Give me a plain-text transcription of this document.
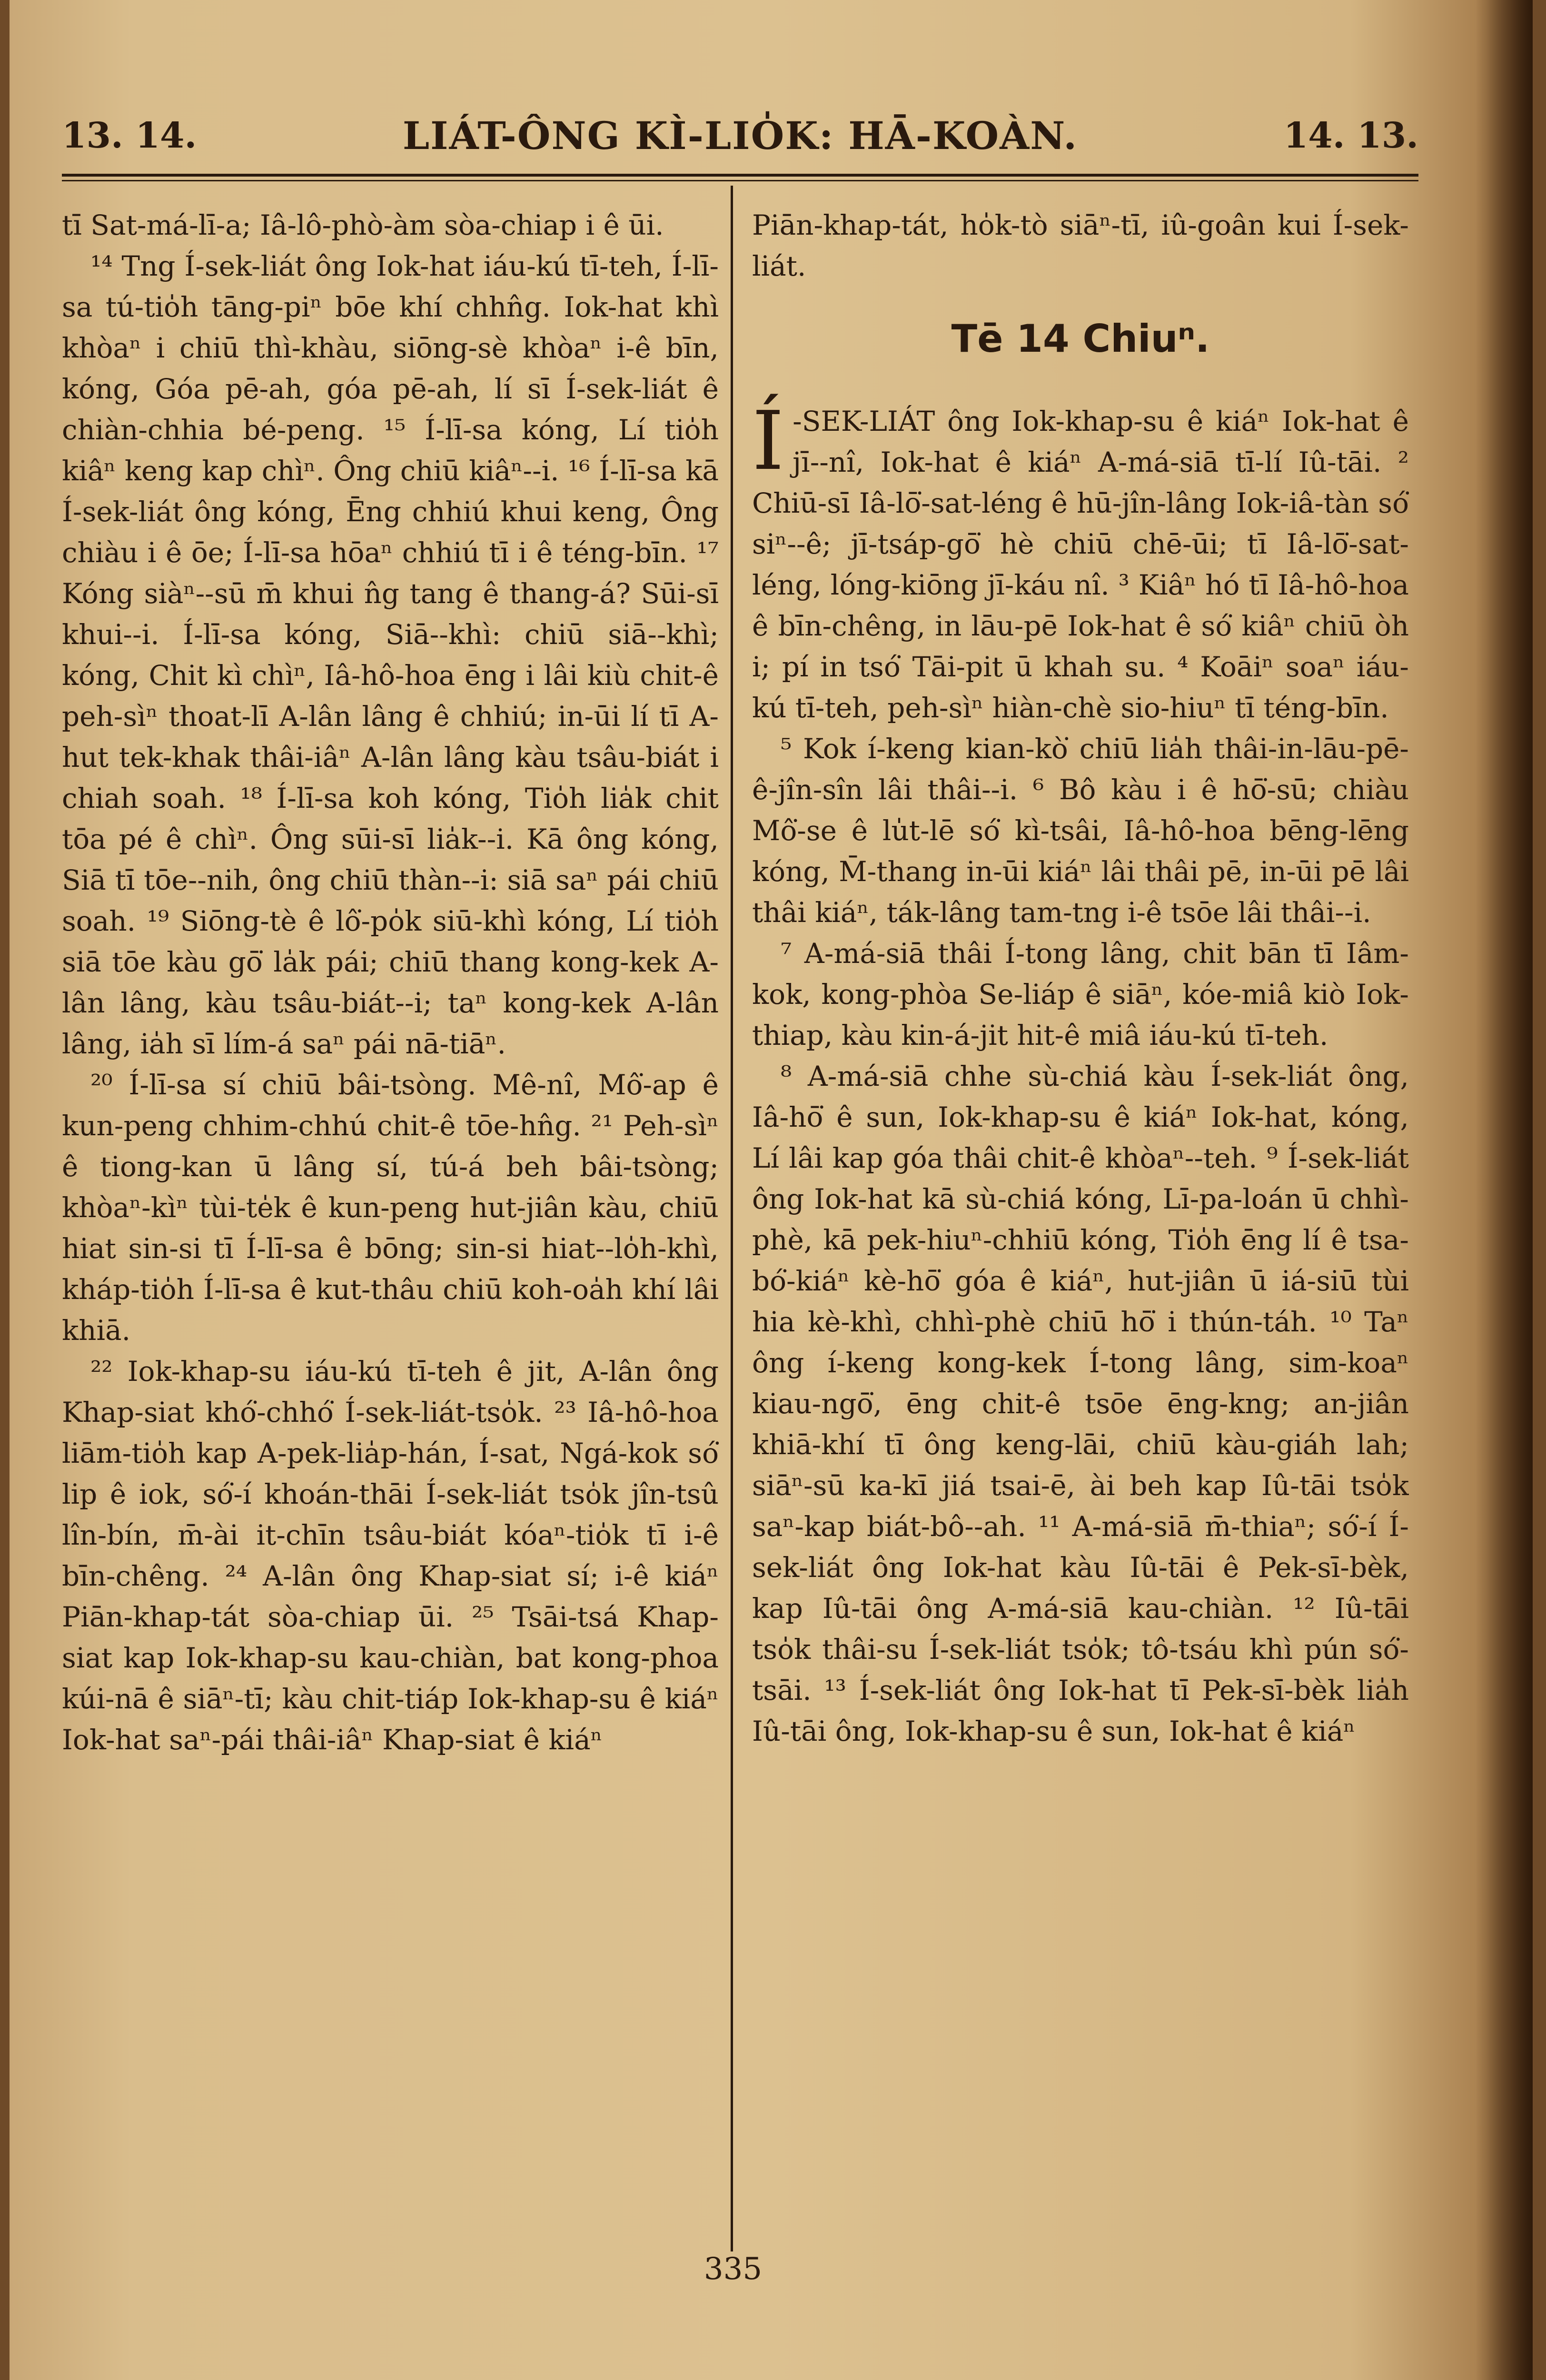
13. 14.	LIÁT-ÔNG KÌ-LIO̍K: HĀ-KOÀN.	14. 13.

tī Sat-má-lī-a; Iâ-lô-phò-àm sòa-chiap i ê ūi.

¹⁴ Tng Í-sek-liát ông Iok-hat iáu-kú tī-teh, Í-lī-sa tú-tio̍h tāng-piⁿ bōe khí chhn̂g. Iok-hat khì khòaⁿ i chiū thì-khàu, siōng-sè khòaⁿ i-ê bīn, kóng, Góa pē-ah, góa pē-ah, lí sī Í-sek-liát ê chiàn-chhia bé-peng. ¹⁵ Í-lī-sa kóng, Lí tio̍h kiâⁿ keng kap chìⁿ. Ông chiū kiâⁿ--i. ¹⁶ Í-lī-sa kā Í-sek-liát ông kóng, Ēng chhiú khui keng, Ông chiàu i ê ōe; Í-lī-sa hōaⁿ chhiú tī i ê téng-bīn. ¹⁷ Kóng siàⁿ--sū m̄ khui n̂g tang ê thang-á? Sūi-sī khui--i. Í-lī-sa kóng, Siā--khì: chiū siā--khì; kóng, Chit kì chìⁿ, Iâ-hô-hoa ēng i lâi kiù chit-ê peh-sìⁿ thoat-lī A-lân lâng ê chhiú; in-ūi lí tī A-hut tek-khak thâi-iâⁿ A-lân lâng kàu tsâu-biát i chiah soah. ¹⁸ Í-lī-sa koh kóng, Tio̍h lia̍k chit tōa pé ê chìⁿ. Ông sūi-sī lia̍k--i. Kā ông kóng, Siā tī tōe--nih, ông chiū thàn--i: siā saⁿ pái chiū soah. ¹⁹ Siōng-tè ê lô͘-po̍k siū-khì kóng, Lí tio̍h siā tōe kàu gō͘ la̍k pái; chiū thang kong-kek A-lân lâng, kàu tsâu-biát--i; taⁿ kong-kek A-lân lâng, ia̍h sī lím-á saⁿ pái nā-tiāⁿ.

²⁰ Í-lī-sa sí chiū bâi-tsòng. Mê-nî, Mô͘-ap ê kun-peng chhim-chhú chit-ê tōe-hn̂g. ²¹ Peh-sìⁿ ê tiong-kan ū lâng sí, tú-á beh bâi-tsòng; khòaⁿ-kìⁿ tùi-te̍k ê kun-peng hut-jiân kàu, chiū hiat sin-si tī Í-lī-sa ê bōng; sin-si hiat--lo̍h-khì, kháp-tio̍h Í-lī-sa ê kut-thâu chiū koh-oa̍h khí lâi khiā.

²² Iok-khap-su iáu-kú tī-teh ê jit, A-lân ông Khap-siat khó͘-chhó͘ Í-sek-liát-tso̍k. ²³ Iâ-hô-hoa liām-tio̍h kap A-pek-lia̍p-hán, Í-sat, Ngá-kok só͘ lip ê iok, só͘-í khoán-thāi Í-sek-liát tso̍k jîn-tsû lîn-bín, m̄-ài it-chīn tsâu-biát kóaⁿ-tio̍k tī i-ê bīn-chêng. ²⁴ A-lân ông Khap-siat sí; i-ê kiáⁿ Piān-khap-tát sòa-chiap ūi. ²⁵ Tsāi-tsá Khap-siat kap Iok-khap-su kau-chiàn, bat kong-phoa kúi-nā ê siāⁿ-tī; kàu chit-tiáp Iok-khap-su ê kiáⁿ Iok-hat saⁿ-pái thâi-iâⁿ Khap-siat ê kiáⁿ

Piān-khap-tát, ho̍k-tò siāⁿ-tī, iû-goân kui Í-sek-liát.

Tē 14 Chiuⁿ.

Í -SEK-LIÁT ông Iok-khap-su ê kiáⁿ Iok-hat ê jī--nî, Iok-hat ê kiáⁿ A-má-siā tī-lí Iû-tāi. ² Chiū-sī Iâ-lō͘-sat-léng ê hū-jîn-lâng Iok-iâ-tàn só͘ siⁿ--ê; jī-tsáp-gō͘ hè chiū chē-ūi; tī Iâ-lō͘-sat-léng, lóng-kiōng jī-káu nî. ³ Kiâⁿ hó tī Iâ-hô-hoa ê bīn-chêng, in lāu-pē Iok-hat ê só͘ kiâⁿ chiū òh i; pí in tsó͘ Tāi-pit ū khah su. ⁴ Koāiⁿ soaⁿ iáu-kú tī-teh, peh-sìⁿ hiàn-chè sio-hiuⁿ tī téng-bīn.

⁵ Kok í-keng kian-kò͘ chiū lia̍h thâi-in-lāu-pē-ê-jîn-sîn lâi thâi--i. ⁶ Bô kàu i ê hō͘-sū; chiàu Mô͘-se ê lu̍t-lē só͘ kì-tsâi, Iâ-hô-hoa bēng-lēng kóng, M̄-thang in-ūi kiáⁿ lâi thâi pē, in-ūi pē lâi thâi kiáⁿ, ták-lâng tam-tng i-ê tsōe lâi thâi--i.

⁷ A-má-siā thâi Í-tong lâng, chit bān tī Iâm-kok, kong-phòa Se-liáp ê siāⁿ, kóe-miâ kiò Iok-thiap, kàu kin-á-jit hit-ê miâ iáu-kú tī-teh.

⁸ A-má-siā chhe sù-chiá kàu Í-sek-liát ông, Iâ-hō͘ ê sun, Iok-khap-su ê kiáⁿ Iok-hat, kóng, Lí lâi kap góa thâi chit-ê khòaⁿ--teh. ⁹ Í-sek-liát ông Iok-hat kā sù-chiá kóng, Lī-pa-loán ū chhì-phè, kā pek-hiuⁿ-chhiū kóng, Tio̍h ēng lí ê tsa-bó͘-kiáⁿ kè-hō͘ góa ê kiáⁿ, hut-jiân ū iá-siū tùi hia kè-khì, chhì-phè chiū hō͘ i thún-táh. ¹⁰ Taⁿ ông í-keng kong-kek Í-tong lâng, sim-koaⁿ kiau-ngō͘, ēng chit-ê tsōe ēng-kng; an-jiân khiā-khí tī ông keng-lāi, chiū kàu-giáh lah; siāⁿ-sū ka-kī jiá tsai-ē, ài beh kap Iû-tāi tso̍k saⁿ-kap biát-bô--ah. ¹¹ A-má-siā m̄-thiaⁿ; só͘-í Í-sek-liát ông Iok-hat kàu Iû-tāi ê Pek-sī-bèk, kap Iû-tāi ông A-má-siā kau-chiàn. ¹² Iû-tāi tso̍k thâi-su Í-sek-liát tso̍k; tô-tsáu khì pún só͘-tsāi. ¹³ Í-sek-liát ông Iok-hat tī Pek-sī-bèk lia̍h Iû-tāi ông, Iok-khap-su ê sun, Iok-hat ê kiáⁿ

335
